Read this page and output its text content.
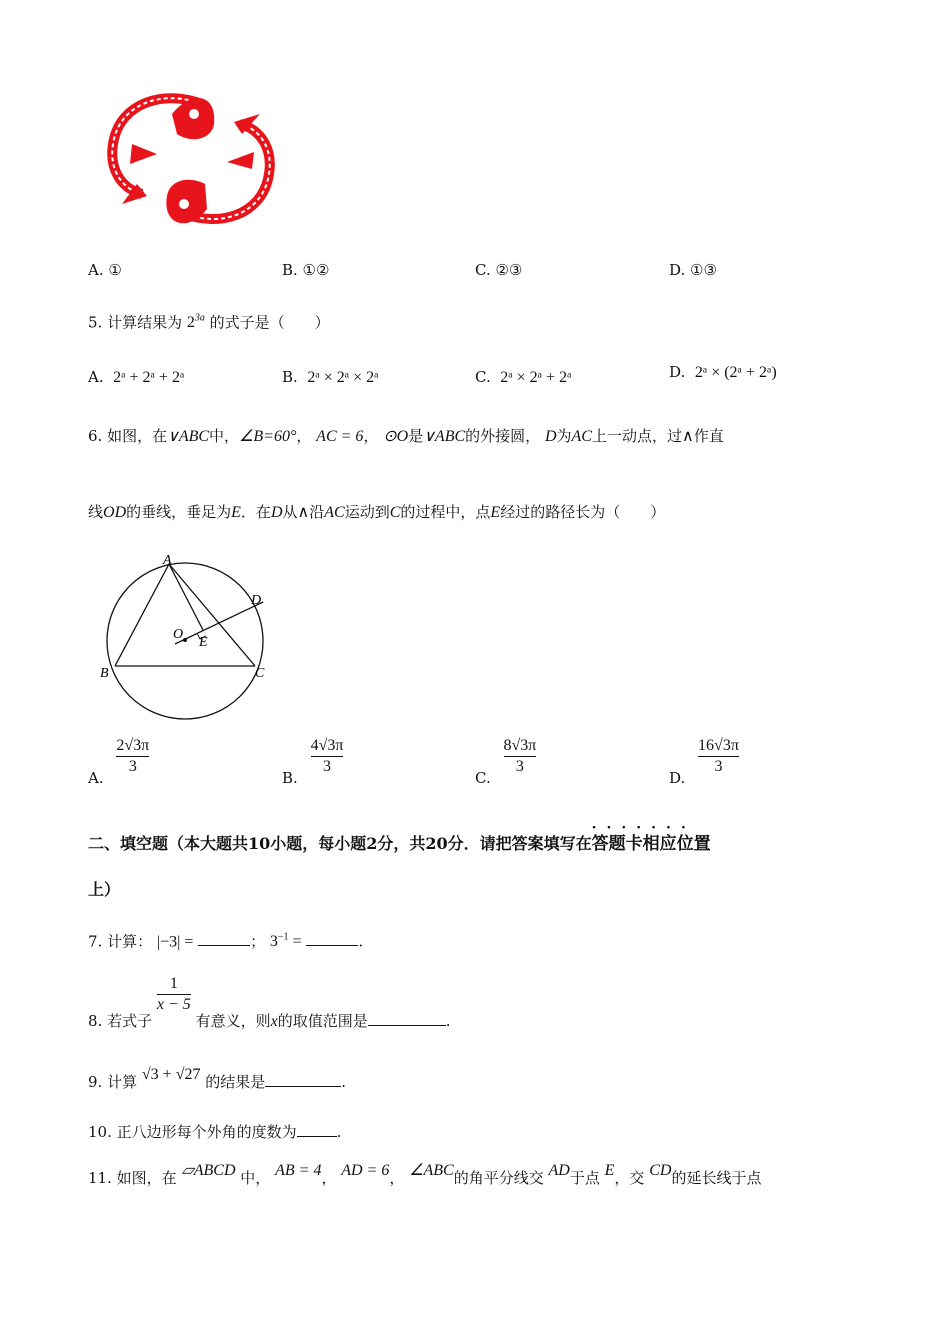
A. ①	B. ①②	C. ②③	D. ①③
5. 计算结果为 $2^{3a}$ 的式子是（　　）
A. 2ᵃ + 2ᵃ + 2ᵃ	B. 2ᵃ × 2ᵃ × 2ᵃ	C. 2ᵃ × 2ᵃ + 2ᵃ	D. 2ᵃ × (2ᵃ + 2ᵃ)
6. 如图，在∨ABC中，∠B=60°， AC = 6， ⊙O是∨ABC的外接圆， D为AC上一动点，过∧作直
线OD的垂线，垂足为E．在D从∧沿AC运动到C的过程中，点E经过的路径长为（　　）
A
B	C
D
O
E
A.
$\frac{2√3\pi}{3}$
B.
$\frac{4√3\pi}{3}$
C.
$\frac{8√3\pi}{3}$
D.
$\frac{16√3\pi}{3}$
二、填空题（本大题共10小题，每小题2分，共20分．请把答案填写在
·······
答题卡相应位置
上）
7. 计算： |−3| =	； $3^{-1}$ =	.
8. 若式子
$\frac{1}{x - 5}$
有意义，则x的取值范围是	.
9. 计算 √3 + √27 的结果是	.
10. 正八边形每个外角的度数为	.
11. 如图，在 ▱ABCD 中， AB = 4， AD = 6， ∠ABC的角平分线交 AD于点 E，交 CD的延长线于点
